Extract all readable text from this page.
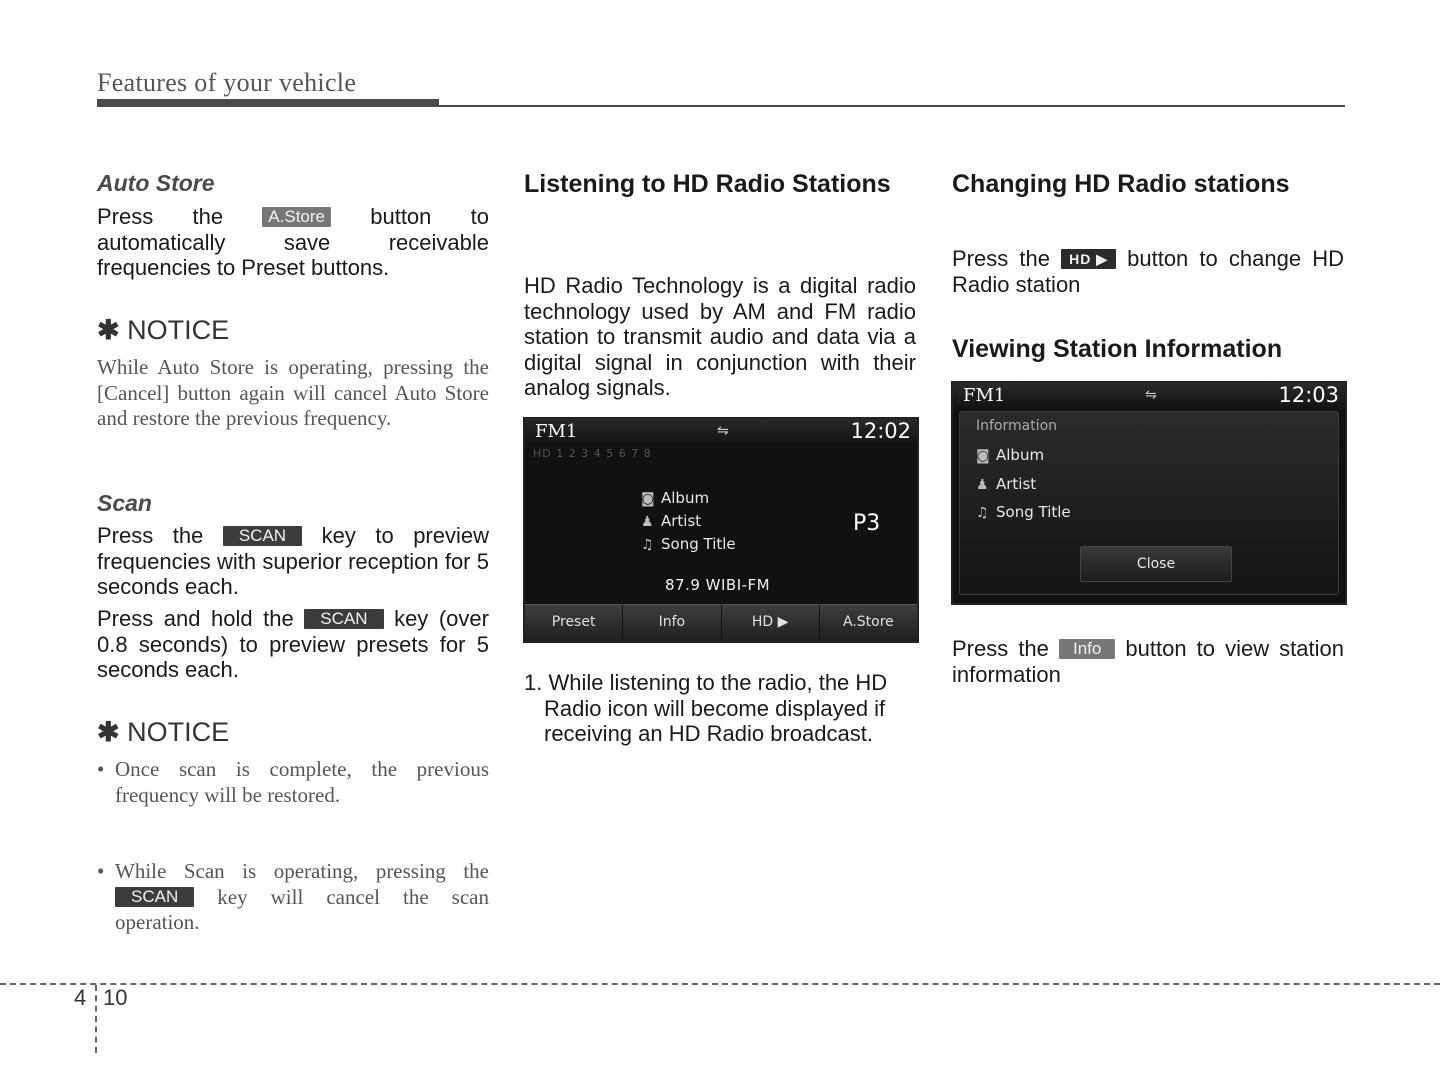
Features of your vehicle
Auto Store
Press the A.Store button to automatically save receivable frequencies to Preset buttons.
✱ NOTICE
While Auto Store is operating, pressing the [Cancel] button again will cancel Auto Store and restore the previous frequency.
Scan
Press the SCAN key to preview frequencies with superior reception for 5 seconds each.
Press and hold the SCAN key (over 0.8 seconds) to preview presets for 5 seconds each.
✱ NOTICE
• Once scan is complete, the previous frequency will be restored.
• While Scan is operating, pressing the SCAN key will cancel the scan operation.
Listening to HD Radio Stations
HD Radio Technology is a digital radio technology used by AM and FM radio station to transmit audio and data via a digital signal in conjunction with their analog signals.
FM1	⇋	12:02
HD 1 2 3 4 5 6 7 8
◙ Album
♟ Artist
♫ Song Title
P3
87.9 WIBI-FM
Preset	Info	HD ▶	A.Store
1. While listening to the radio, the HD Radio icon will become displayed if receiving an HD Radio broadcast.
Changing HD Radio stations
Press the HD ▶ button to change HD Radio station
Viewing Station Information
FM1	⇋	12:03
Information
◙ Album
♟ Artist
♫ Song Title
Close
Press the Info button to view station information
4 10
